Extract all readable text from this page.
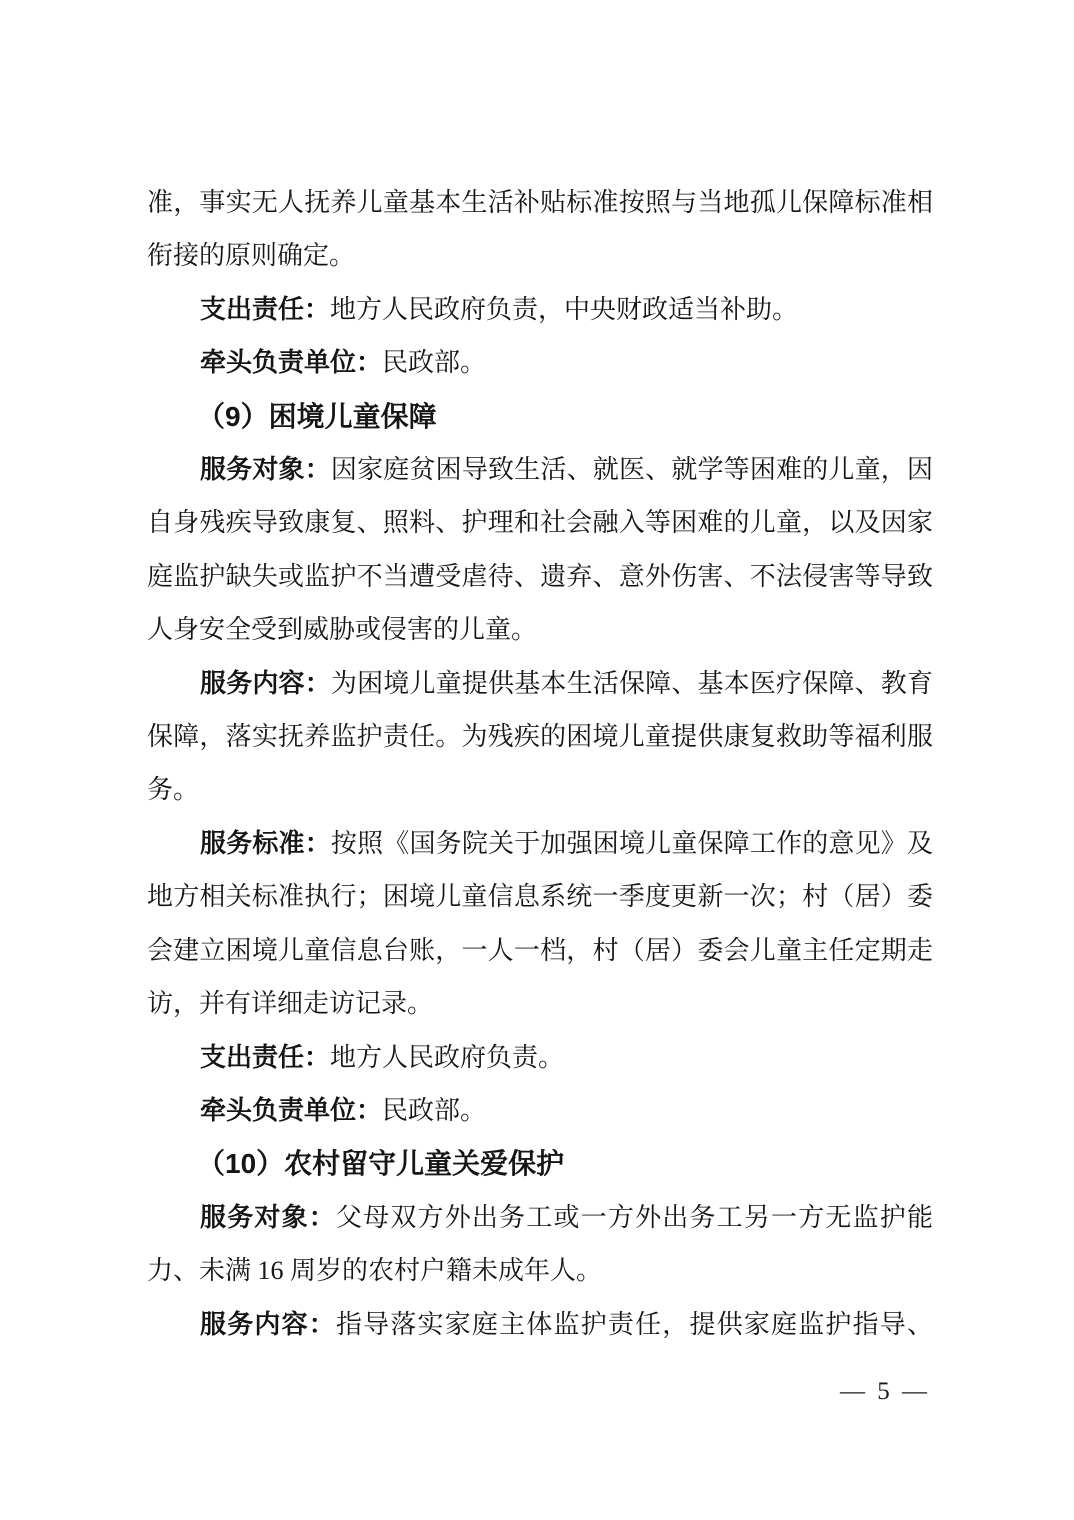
准，事实无人抚养儿童基本生活补贴标准按照与当地孤儿保障标准相衔接的原则确定。

支出责任：地方人民政府负责，中央财政适当补助。

牵头负责单位：民政部。

（9）困境儿童保障

服务对象：因家庭贫困导致生活、就医、就学等困难的儿童，因自身残疾导致康复、照料、护理和社会融入等困难的儿童，以及因家庭监护缺失或监护不当遭受虐待、遗弃、意外伤害、不法侵害等导致人身安全受到威胁或侵害的儿童。

服务内容：为困境儿童提供基本生活保障、基本医疗保障、教育保障，落实抚养监护责任。为残疾的困境儿童提供康复救助等福利服务。

服务标准：按照《国务院关于加强困境儿童保障工作的意见》及地方相关标准执行；困境儿童信息系统一季度更新一次；村（居）委会建立困境儿童信息台账，一人一档，村（居）委会儿童主任定期走访，并有详细走访记录。

支出责任：地方人民政府负责。

牵头负责单位：民政部。

（10）农村留守儿童关爱保护

服务对象：父母双方外出务工或一方外出务工另一方无监护能力、未满 16 周岁的农村户籍未成年人。

服务内容：指导落实家庭主体监护责任，提供家庭监护指导、

— 5 —
